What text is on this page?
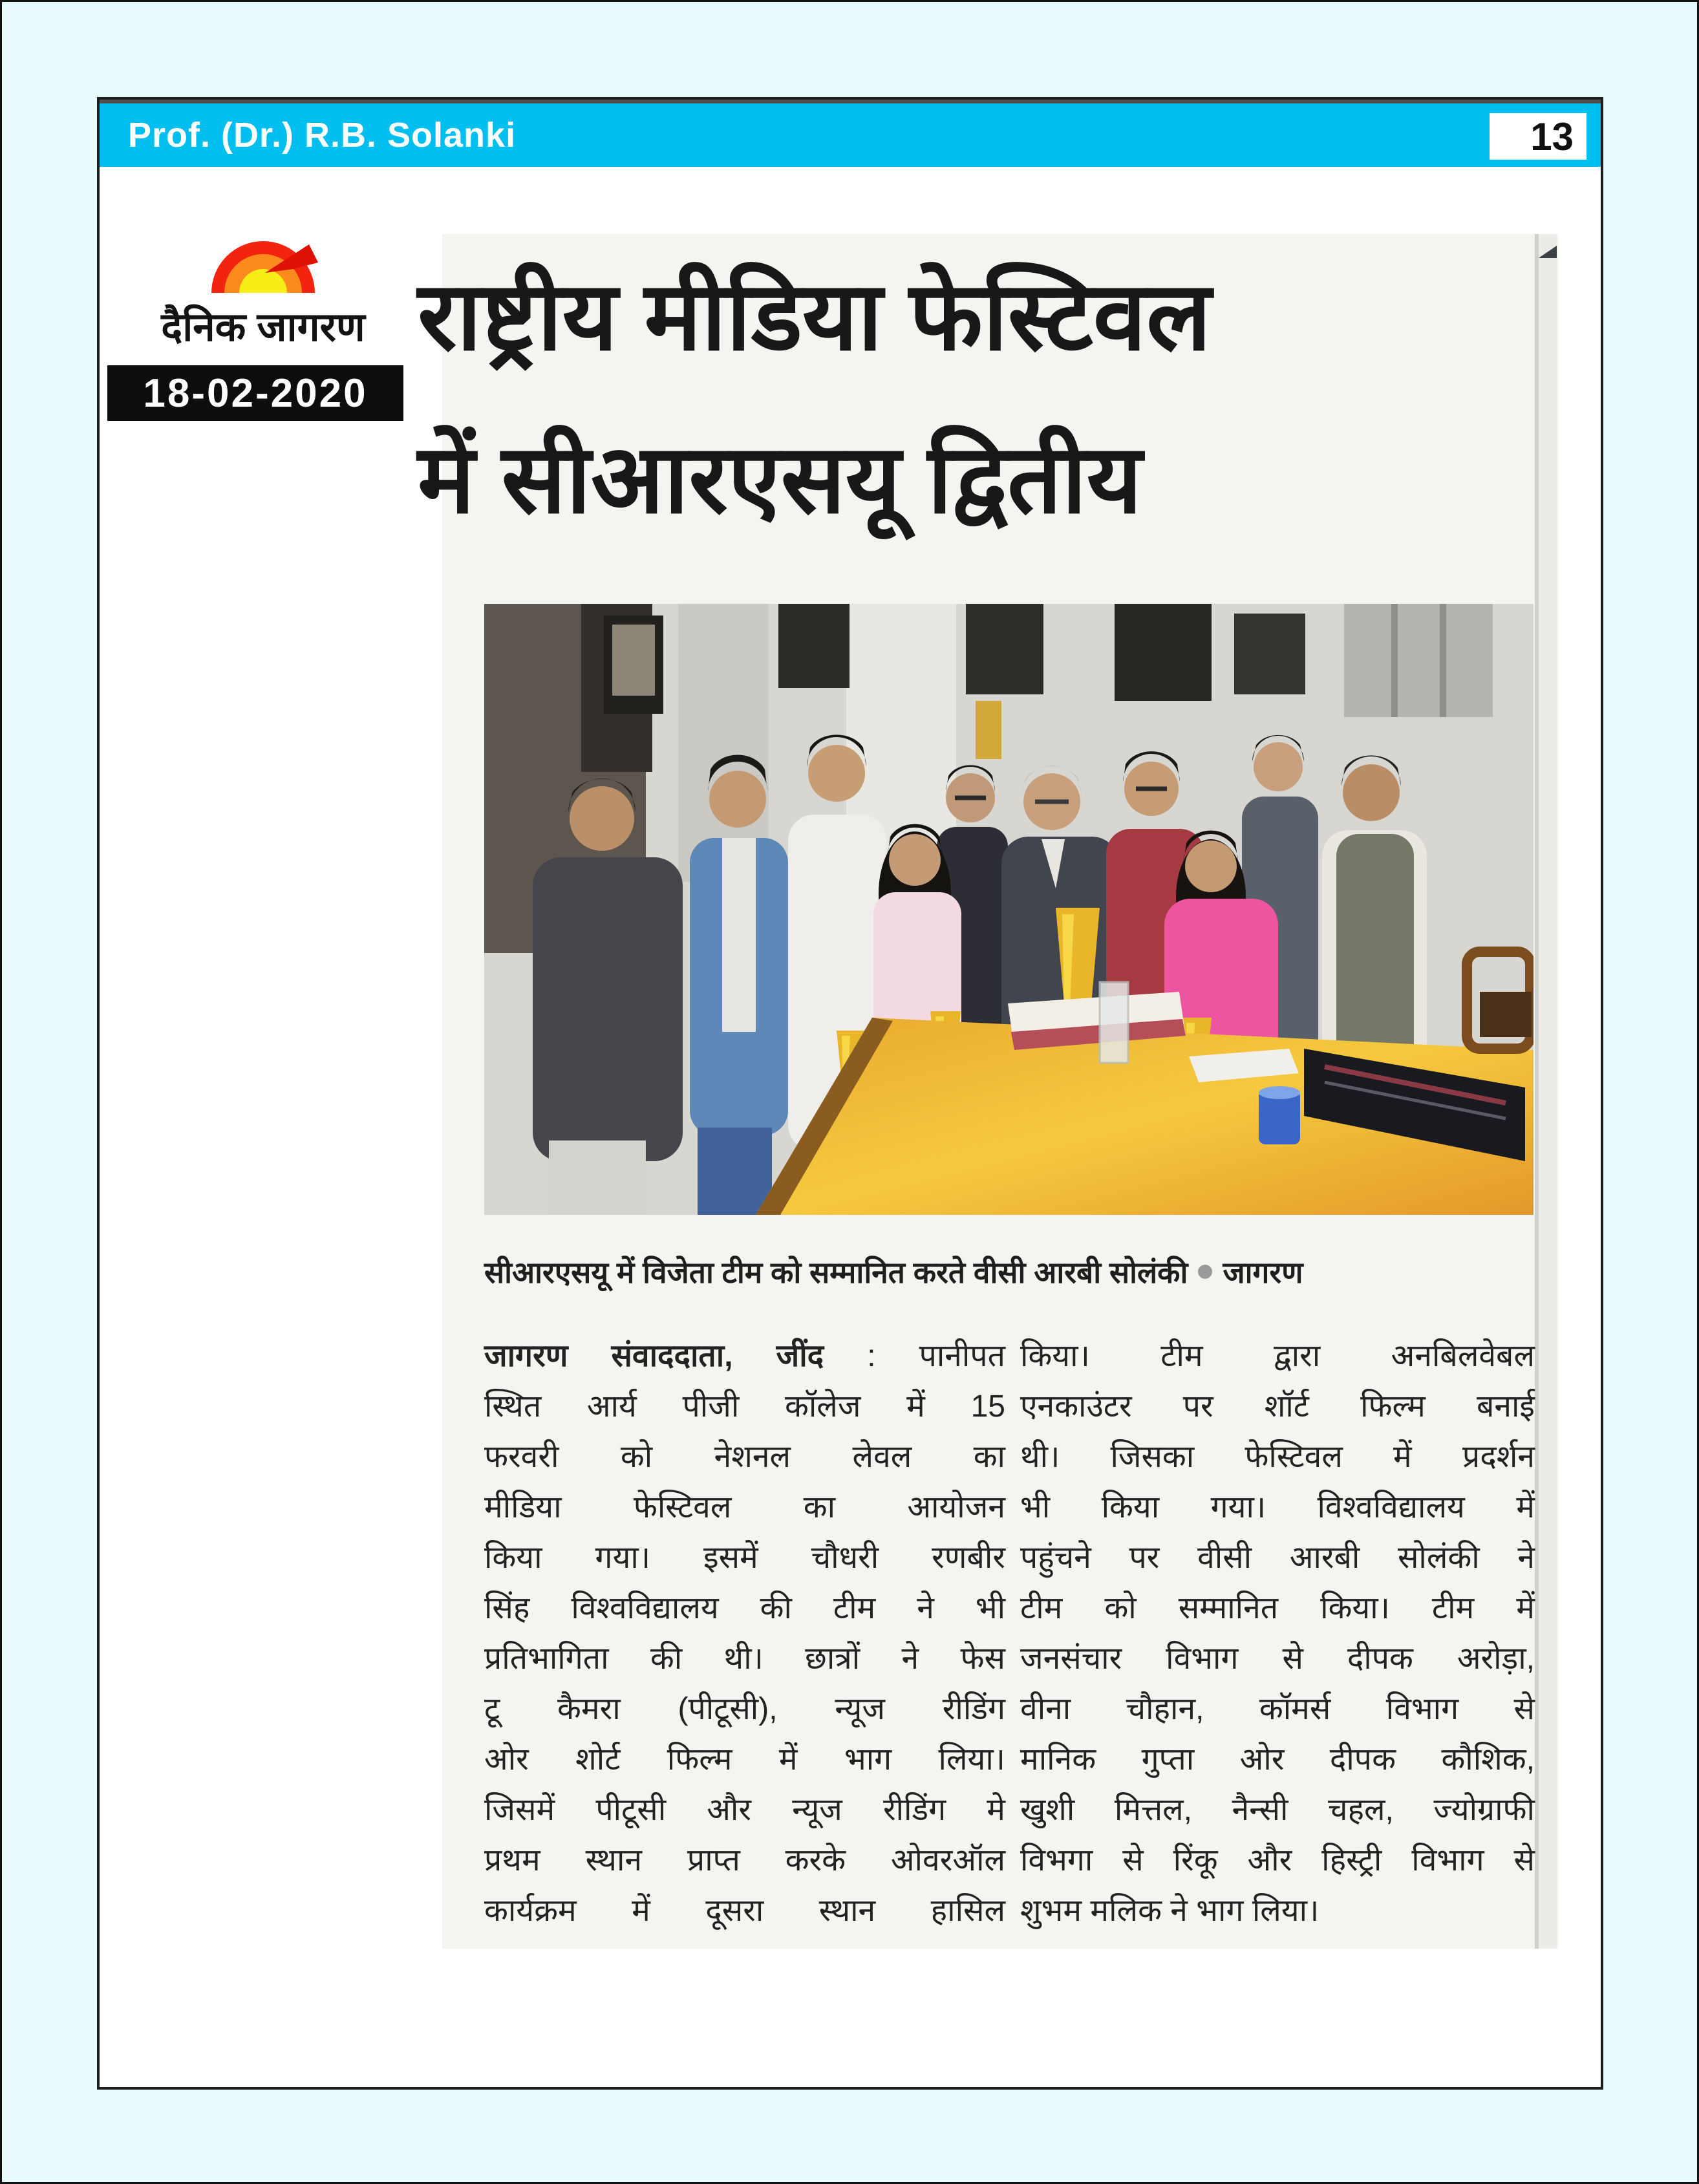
Prof. (Dr.) R.B. Solanki	13
दैनिक जागरण
18-02-2020
राष्ट्रीय मीडिया फेस्टिवल
में सीआरएसयू द्वितीय
सीआरएसयू में विजेता टीम को सम्मानित करते वीसी आरबी सोलंकी जागरण
जागरण संवाददाता, जींद : पानीपत
स्थित आर्य पीजी कॉलेज में 15
फरवरी को नेशनल लेवल का
मीडिया फेस्टिवल का आयोजन
किया गया। इसमें चौधरी रणबीर
सिंह विश्वविद्यालय की टीम ने भी
प्रतिभागिता की थी। छात्रों ने फेस
टू कैमरा (पीटूसी), न्यूज रीडिंग
ओर शोर्ट फिल्म में भाग लिया।
जिसमें पीटूसी और न्यूज रीडिंग मे
प्रथम स्थान प्राप्त करके ओवरऑल
कार्यक्रम में दूसरा स्थान हासिल
किया। टीम द्वारा अनबिलवेबल
एनकाउंटर पर शॉर्ट फिल्म बनाई
थी। जिसका फेस्टिवल में प्रदर्शन
भी किया गया। विश्वविद्यालय में
पहुंचने पर वीसी आरबी सोलंकी ने
टीम को सम्मानित किया। टीम में
जनसंचार विभाग से दीपक अरोड़ा,
वीना चौहान, कॉमर्स विभाग से
मानिक गुप्ता ओर दीपक कौशिक,
खुशी मित्तल, नैन्सी चहल, ज्योग्राफी
विभगा से रिंकू और हिस्ट्री विभाग से
शुभम मलिक ने भाग लिया।
